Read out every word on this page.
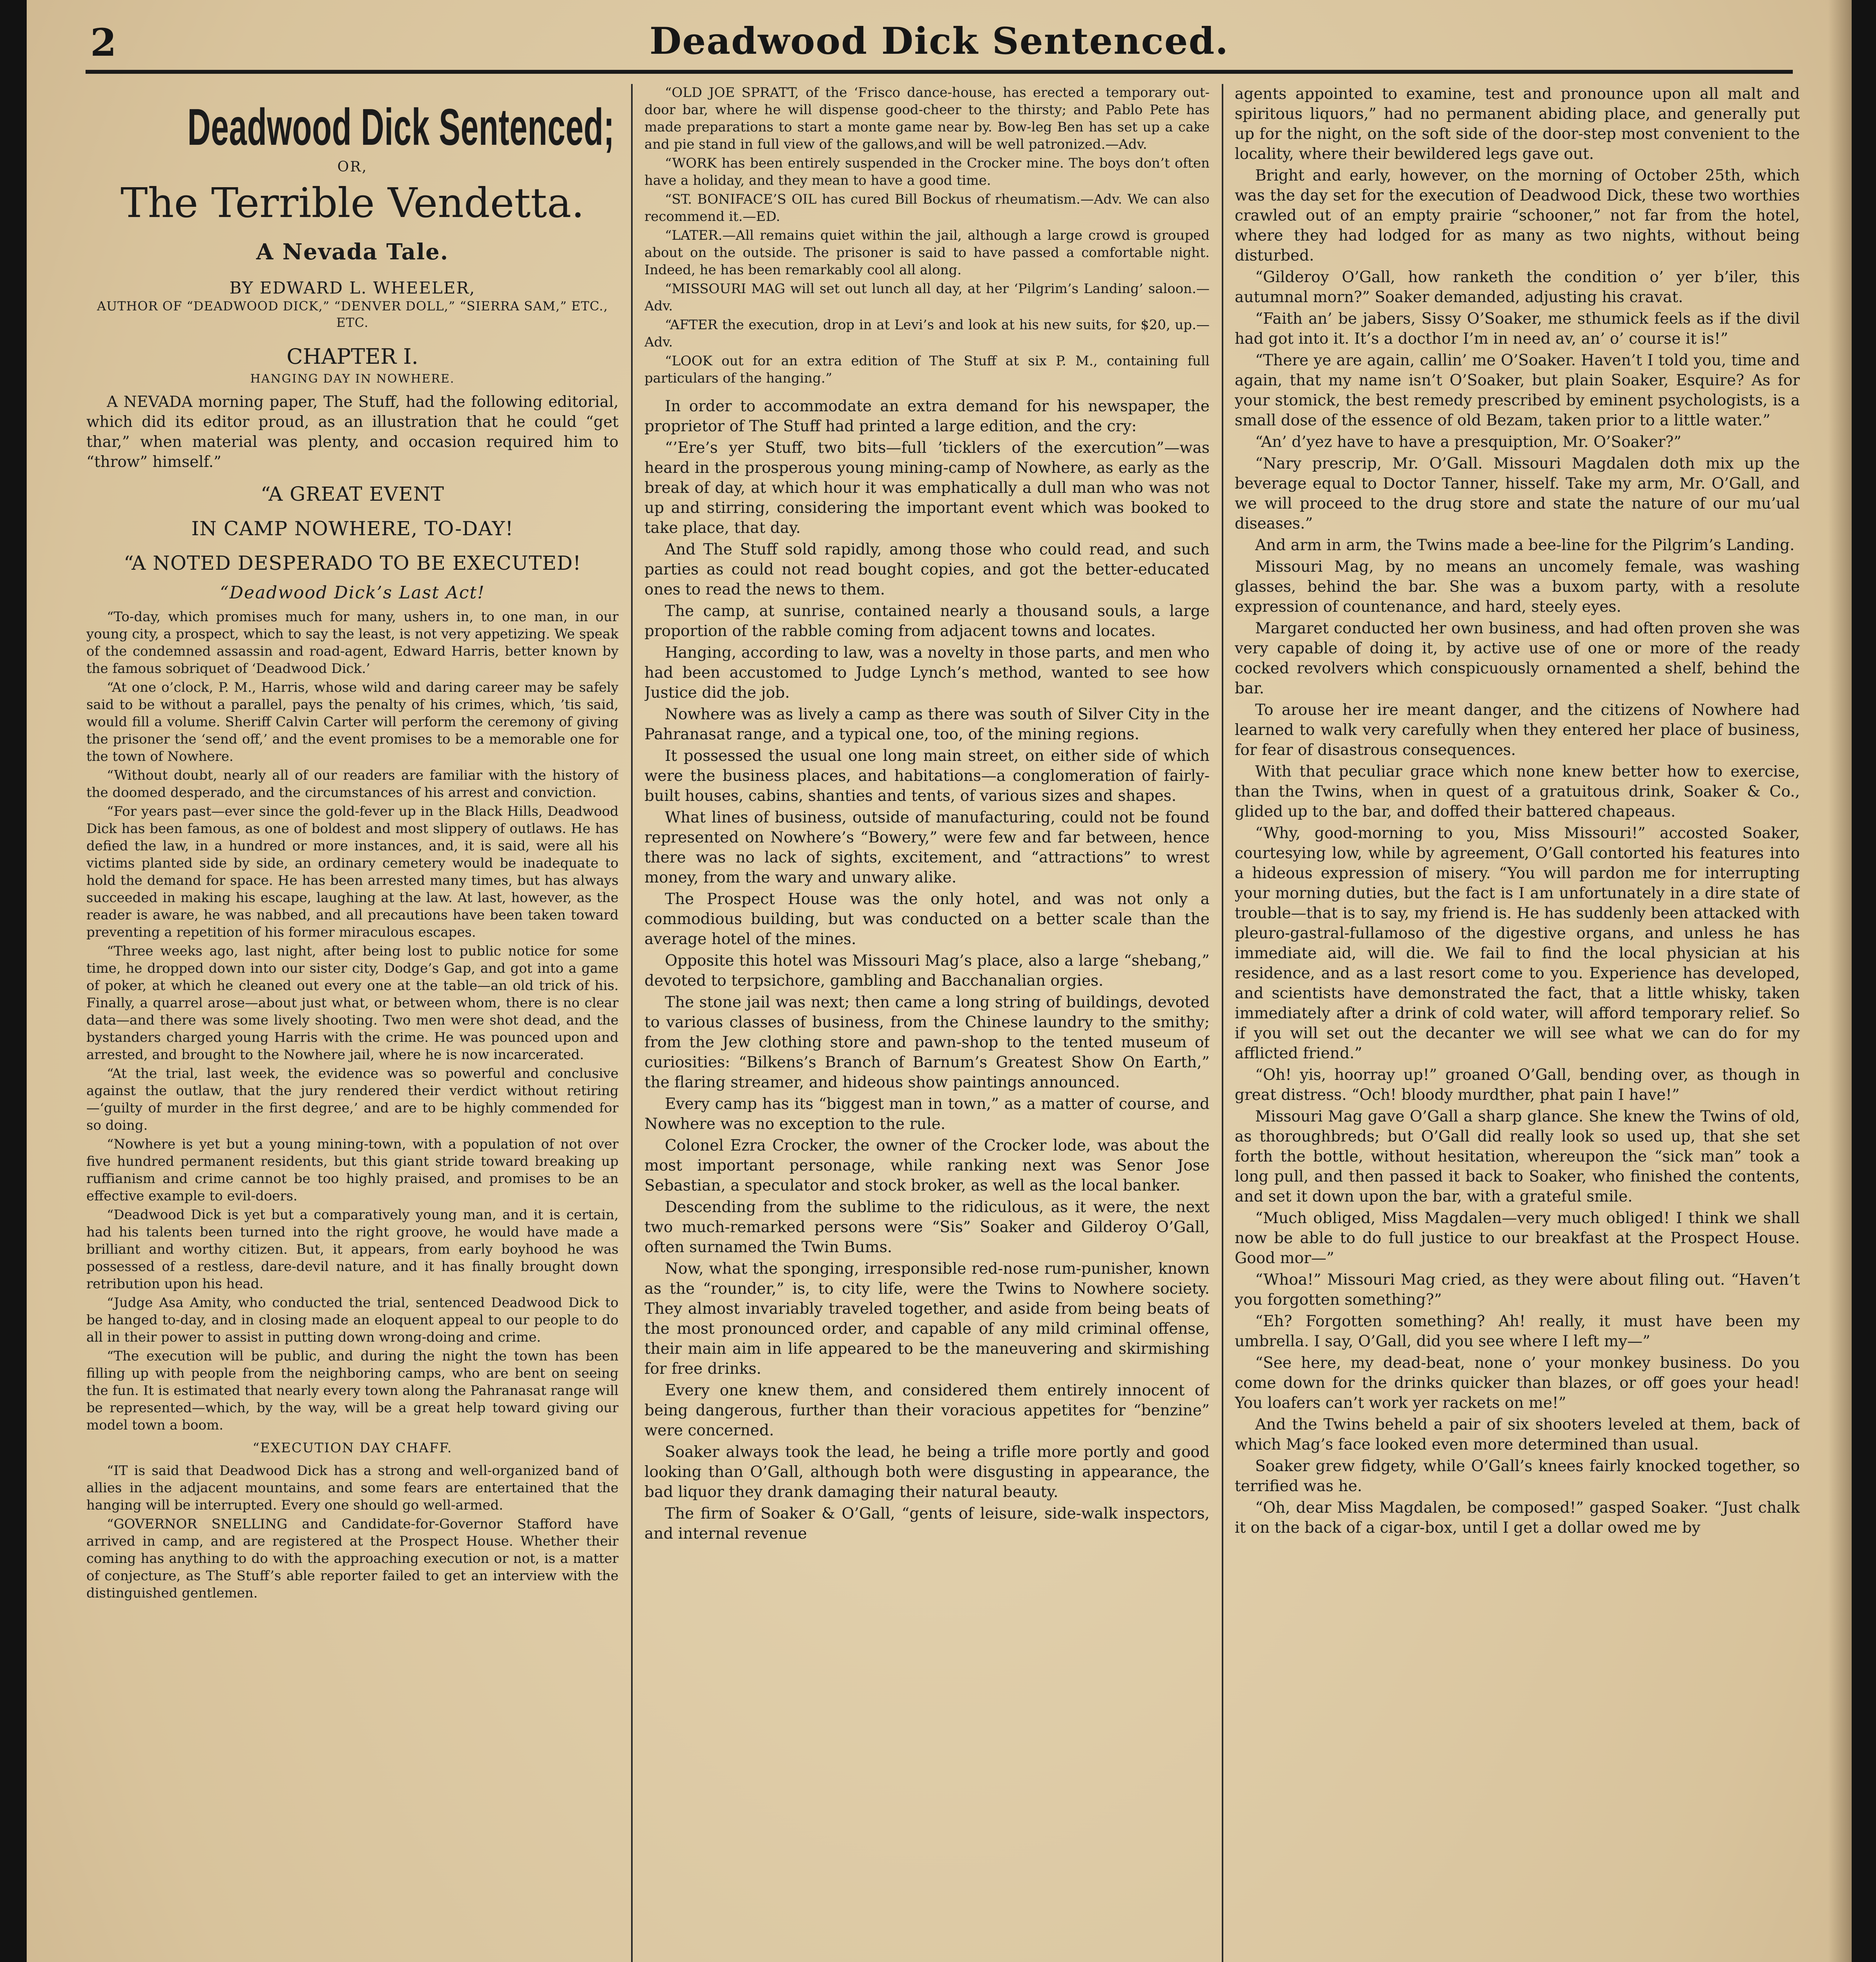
2	Deadwood Dick Sentenced.
Deadwood Dick Sentenced;
OR,
The Terrible Vendetta.
A Nevada Tale.
BY EDWARD L. WHEELER,
AUTHOR OF “DEADWOOD DICK,” “DENVER DOLL,” “SIERRA SAM,” ETC., ETC.
CHAPTER I.
HANGING DAY IN NOWHERE.

A NEVADA morning paper, The Stuff, had the following editorial, which did its editor proud, as an illustration that he could “get thar,” when material was plenty, and occasion required him to “throw” himself.”

“A GREAT EVENT

IN CAMP NOWHERE, TO-DAY!

“A NOTED DESPERADO TO BE EXECUTED!

“Deadwood Dick’s Last Act!

“To-day, which promises much for many, ushers in, to one man, in our young city, a prospect, which to say the least, is not very appetizing. We speak of the condemned assassin and road-agent, Edward Harris, better known by the famous sobriquet of ‘Deadwood Dick.’

“At one o’clock, P. M., Harris, whose wild and daring career may be safely said to be without a parallel, pays the penalty of his crimes, which, ’tis said, would fill a volume. Sheriff Calvin Carter will perform the ceremony of giving the prisoner the ‘send off,’ and the event promises to be a memorable one for the town of Nowhere.

“Without doubt, nearly all of our readers are familiar with the history of the doomed desperado, and the circumstances of his arrest and conviction.

“For years past—ever since the gold-fever up in the Black Hills, Deadwood Dick has been famous, as one of boldest and most slippery of outlaws. He has defied the law, in a hundred or more instances, and, it is said, were all his victims planted side by side, an ordinary cemetery would be inadequate to hold the demand for space. He has been arrested many times, but has always succeeded in making his escape, laughing at the law. At last, however, as the reader is aware, he was nabbed, and all precautions have been taken toward preventing a repetition of his former miraculous escapes.

“Three weeks ago, last night, after being lost to public notice for some time, he dropped down into our sister city, Dodge’s Gap, and got into a game of poker, at which he cleaned out every one at the table—an old trick of his. Finally, a quarrel arose—about just what, or between whom, there is no clear data—and there was some lively shooting. Two men were shot dead, and the bystanders charged young Harris with the crime. He was pounced upon and arrested, and brought to the Nowhere jail, where he is now incarcerated.

“At the trial, last week, the evidence was so powerful and conclusive against the outlaw, that the jury rendered their verdict without retiring—‘guilty of murder in the first degree,’ and are to be highly commended for so doing.

“Nowhere is yet but a young mining-town, with a population of not over five hundred permanent residents, but this giant stride toward breaking up ruffianism and crime cannot be too highly praised, and promises to be an effective example to evil-doers.

“Deadwood Dick is yet but a comparatively young man, and it is certain, had his talents been turned into the right groove, he would have made a brilliant and worthy citizen. But, it appears, from early boyhood he was possessed of a restless, dare-devil nature, and it has finally brought down retribution upon his head.

“Judge Asa Amity, who conducted the trial, sentenced Deadwood Dick to be hanged to-day, and in closing made an eloquent appeal to our people to do all in their power to assist in putting down wrong-doing and crime.

“The execution will be public, and during the night the town has been filling up with people from the neighboring camps, who are bent on seeing the fun. It is estimated that nearly every town along the Pahranasat range will be represented—which, by the way, will be a great help toward giving our model town a boom.

“EXECUTION DAY CHAFF.

“IT is said that Deadwood Dick has a strong and well-organized band of allies in the adjacent mountains, and some fears are entertained that the hanging will be interrupted. Every one should go well-armed.

“GOVERNOR SNELLING and Candidate-for-Governor Stafford have arrived in camp, and are registered at the Prospect House. Whether their coming has anything to do with the approaching execution or not, is a matter of conjecture, as The Stuff’s able reporter failed to get an interview with the distinguished gentlemen.

“OLD JOE SPRATT, of the ‘Frisco dance-house, has erected a temporary out-door bar, where he will dispense good-cheer to the thirsty; and Pablo Pete has made preparations to start a monte game near by. Bow-leg Ben has set up a cake and pie stand in full view of the gallows,and will be well patronized.—Adv.

“WORK has been entirely suspended in the Crocker mine. The boys don’t often have a holiday, and they mean to have a good time.

“ST. BONIFACE’S OIL has cured Bill Bockus of rheumatism.—Adv. We can also recommend it.—ED.

“LATER.—All remains quiet within the jail, although a large crowd is grouped about on the outside. The prisoner is said to have passed a comfortable night. Indeed, he has been remarkably cool all along.

“MISSOURI MAG will set out lunch all day, at her ‘Pilgrim’s Landing’ saloon.—Adv.

“AFTER the execution, drop in at Levi’s and look at his new suits, for $20, up.—Adv.

“LOOK out for an extra edition of The Stuff at six P. M., containing full particulars of the hanging.”

In order to accommodate an extra demand for his newspaper, the proprietor of The Stuff had printed a large edition, and the cry:

“’Ere’s yer Stuff, two bits—full ’ticklers of the exercution”—was heard in the prosperous young mining-camp of Nowhere, as early as the break of day, at which hour it was emphatically a dull man who was not up and stirring, considering the important event which was booked to take place, that day.

And The Stuff sold rapidly, among those who could read, and such parties as could not read bought copies, and got the better-educated ones to read the news to them.

The camp, at sunrise, contained nearly a thousand souls, a large proportion of the rabble coming from adjacent towns and locates.

Hanging, according to law, was a novelty in those parts, and men who had been accustomed to Judge Lynch’s method, wanted to see how Justice did the job.

Nowhere was as lively a camp as there was south of Silver City in the Pahranasat range, and a typical one, too, of the mining regions.

It possessed the usual one long main street, on either side of which were the business places, and habitations—a conglomeration of fairly-built houses, cabins, shanties and tents, of various sizes and shapes.

What lines of business, outside of manufacturing, could not be found represented on Nowhere’s “Bowery,” were few and far between, hence there was no lack of sights, excitement, and “attractions” to wrest money, from the wary and unwary alike.

The Prospect House was the only hotel, and was not only a commodious building, but was conducted on a better scale than the average hotel of the mines.

Opposite this hotel was Missouri Mag’s place, also a large “shebang,” devoted to terpsichore, gambling and Bacchanalian orgies.

The stone jail was next; then came a long string of buildings, devoted to various classes of business, from the Chinese laundry to the smithy; from the Jew clothing store and pawn-shop to the tented museum of curiosities: “Bilkens’s Branch of Barnum’s Greatest Show On Earth,” the flaring streamer, and hideous show paintings announced.

Every camp has its “biggest man in town,” as a matter of course, and Nowhere was no exception to the rule.

Colonel Ezra Crocker, the owner of the Crocker lode, was about the most important personage, while ranking next was Senor Jose Sebastian, a speculator and stock broker, as well as the local banker.

Descending from the sublime to the ridiculous, as it were, the next two much-remarked persons were “Sis” Soaker and Gilderoy O’Gall, often surnamed the Twin Bums.

Now, what the sponging, irresponsible red-nose rum-punisher, known as the “rounder,” is, to city life, were the Twins to Nowhere society. They almost invariably traveled together, and aside from being beats of the most pronounced order, and capable of any mild criminal offense, their main aim in life appeared to be the maneuvering and skirmishing for free drinks.

Every one knew them, and considered them entirely innocent of being dangerous, further than their voracious appetites for “benzine” were concerned.

Soaker always took the lead, he being a trifle more portly and good looking than O’Gall, although both were disgusting in appearance, the bad liquor they drank damaging their natural beauty.

The firm of Soaker & O’Gall, “gents of leisure, side-walk inspectors, and internal revenue

agents appointed to examine, test and pronounce upon all malt and spiritous liquors,” had no permanent abiding place, and generally put up for the night, on the soft side of the door-step most convenient to the locality, where their bewildered legs gave out.

Bright and early, however, on the morning of October 25th, which was the day set for the execution of Deadwood Dick, these two worthies crawled out of an empty prairie “schooner,” not far from the hotel, where they had lodged for as many as two nights, without being disturbed.

“Gilderoy O’Gall, how ranketh the condition o’ yer b’iler, this autumnal morn?” Soaker demanded, adjusting his cravat.

“Faith an’ be jabers, Sissy O’Soaker, me sthumick feels as if the divil had got into it. It’s a docthor I’m in need av, an’ o’ course it is!”

“There ye are again, callin’ me O’Soaker. Haven’t I told you, time and again, that my name isn’t O’Soaker, but plain Soaker, Esquire? As for your stomick, the best remedy prescribed by eminent psychologists, is a small dose of the essence of old Bezam, taken prior to a little water.”

“An’ d’yez have to have a presquiption, Mr. O’Soaker?”

“Nary prescrip, Mr. O’Gall. Missouri Magdalen doth mix up the beverage equal to Doctor Tanner, hisself. Take my arm, Mr. O’Gall, and we will proceed to the drug store and state the nature of our mu’ual diseases.”

And arm in arm, the Twins made a bee-line for the Pilgrim’s Landing.

Missouri Mag, by no means an uncomely female, was washing glasses, behind the bar. She was a buxom party, with a resolute expression of countenance, and hard, steely eyes.

Margaret conducted her own business, and had often proven she was very capable of doing it, by active use of one or more of the ready cocked revolvers which conspicuously ornamented a shelf, behind the bar.

To arouse her ire meant danger, and the citizens of Nowhere had learned to walk very carefully when they entered her place of business, for fear of disastrous consequences.

With that peculiar grace which none knew better how to exercise, than the Twins, when in quest of a gratuitous drink, Soaker & Co., glided up to the bar, and doffed their battered chapeaus.

“Why, good-morning to you, Miss Missouri!” accosted Soaker, courtesying low, while by agreement, O’Gall contorted his features into a hideous expression of misery. “You will pardon me for interrupting your morning duties, but the fact is I am unfortunately in a dire state of trouble—that is to say, my friend is. He has suddenly been attacked with pleuro-gastral-fullamoso of the digestive organs, and unless he has immediate aid, will die. We fail to find the local physician at his residence, and as a last resort come to you. Experience has developed, and scientists have demonstrated the fact, that a little whisky, taken immediately after a drink of cold water, will afford temporary relief. So if you will set out the decanter we will see what we can do for my afflicted friend.”

“Oh! yis, hoorray up!” groaned O’Gall, bending over, as though in great distress. “Och! bloody murdther, phat pain I have!”

Missouri Mag gave O’Gall a sharp glance. She knew the Twins of old, as thoroughbreds; but O’Gall did really look so used up, that she set forth the bottle, without hesitation, whereupon the “sick man” took a long pull, and then passed it back to Soaker, who finished the contents, and set it down upon the bar, with a grateful smile.

“Much obliged, Miss Magdalen—very much obliged! I think we shall now be able to do full justice to our breakfast at the Prospect House. Good mor—”

“Whoa!” Missouri Mag cried, as they were about filing out. “Haven’t you forgotten something?”

“Eh? Forgotten something? Ah! really, it must have been my umbrella. I say, O’Gall, did you see where I left my—”

“See here, my dead-beat, none o’ your monkey business. Do you come down for the drinks quicker than blazes, or off goes your head! You loafers can’t work yer rackets on me!”

And the Twins beheld a pair of six shooters leveled at them, back of which Mag’s face looked even more determined than usual.

Soaker grew fidgety, while O’Gall’s knees fairly knocked together, so terrified was he.

“Oh, dear Miss Magdalen, be composed!” gasped Soaker. “Just chalk it on the back of a cigar-box, until I get a dollar owed me by
